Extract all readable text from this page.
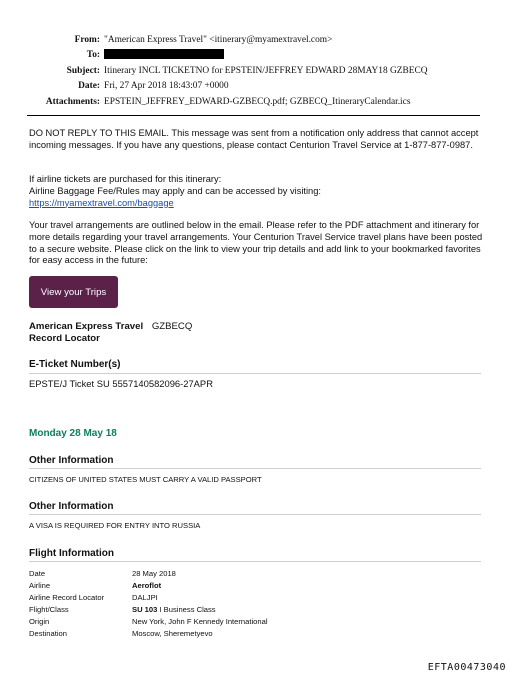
From: "American Express Travel" <itinerary@myamextravel.com>
To:
Subject: Itinerary INCL TICKETNO for EPSTEIN/JEFFREY EDWARD 28MAY18 GZBECQ
Date: Fri, 27 Apr 2018 18:43:07 +0000
Attachments: EPSTEIN_JEFFREY_EDWARD-GZBECQ.pdf; GZBECQ_ItineraryCalendar.ics
DO NOT REPLY TO THIS EMAIL. This message was sent from a notification only address that cannot accept incoming messages. If you have any questions, please contact Centurion Travel Service at 1-877-877-0987.
If airline tickets are purchased for this itinerary:
Airline Baggage Fee/Rules may apply and can be accessed by visiting:
https://myamextravel.com/baggage
Your travel arrangements are outlined below in the email. Please refer to the PDF attachment and itinerary for more details regarding your travel arrangements. Your Centurion Travel Service travel plans have been posted to a secure website. Please click on the link to view your trip details and add link to your bookmarked favorites for easy access in the future:
View your Trips
American Express Travel GZBECQ
Record Locator
E-Ticket Number(s)
EPSTE/J Ticket SU 5557140582096-27APR
Monday 28 May 18
Other Information
CITIZENS OF UNITED STATES MUST CARRY A VALID PASSPORT
Other Information
A VISA IS REQUIRED FOR ENTRY INTO RUSSIA
Flight Information
Date	28 May 2018
Airline	Aeroflot
Airline Record Locator	DALJPI
Flight/Class	SU 103 I Business Class
Origin	New York, John F Kennedy International
Destination	Moscow, Sheremetyevo
EFTA00473040
